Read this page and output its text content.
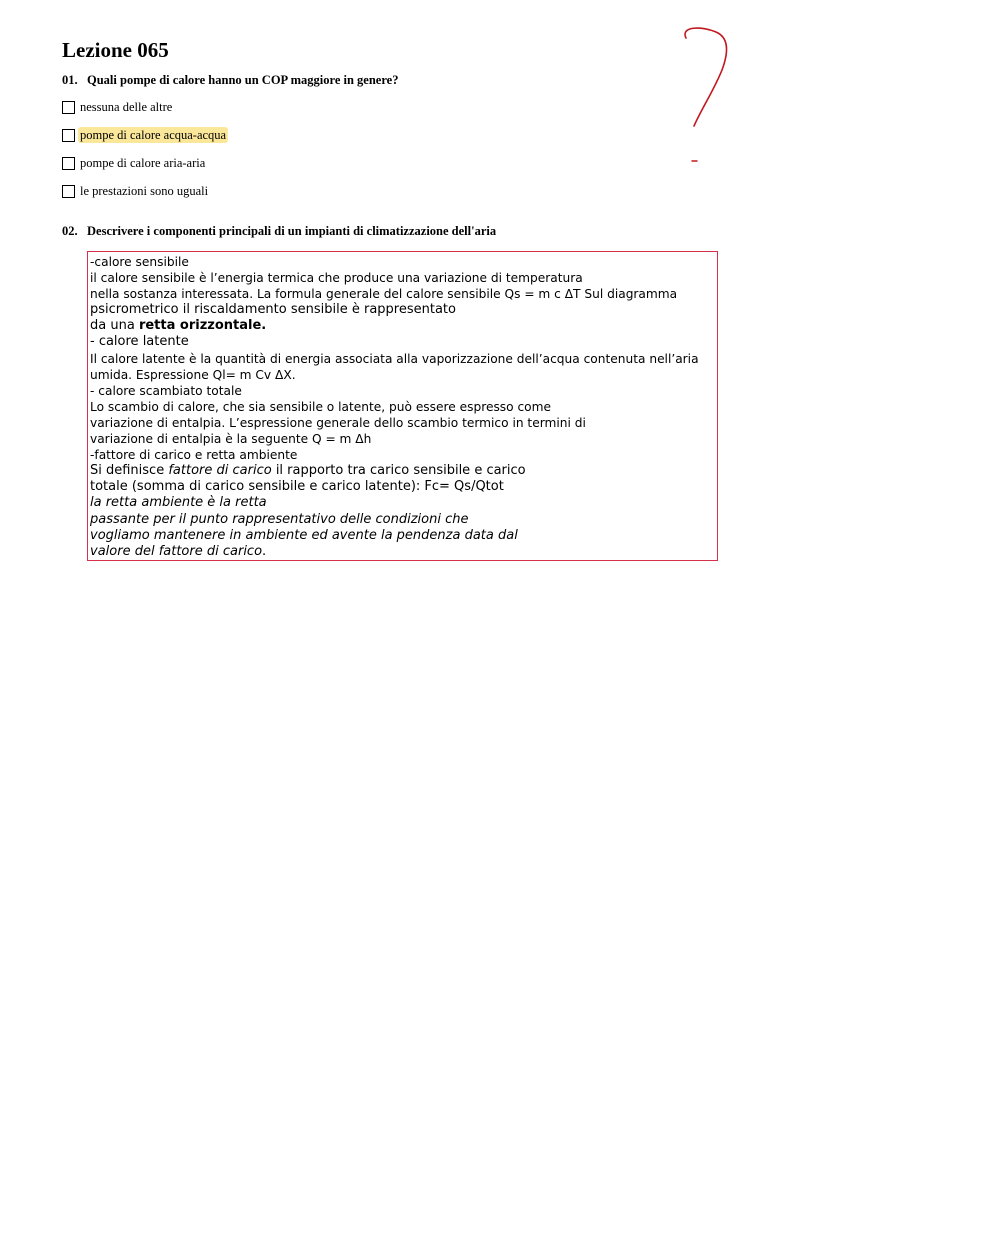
Lezione 065
01. Quali pompe di calore hanno un COP maggiore in genere?
nessuna delle altre
pompe di calore acqua-acqua
pompe di calore aria-aria
le prestazioni sono uguali
02. Descrivere i componenti principali di un impianti di climatizzazione dell'aria
-calore sensibile
il calore sensibile è l’energia termica che produce una variazione di temperatura
nella sostanza interessata. La formula generale del calore sensibile Qs = m c ΔT Sul diagramma
psicrometrico il riscaldamento sensibile è rappresentato
da una retta orizzontale.
- calore latente
Il calore latente è la quantità di energia associata alla vaporizzazione dell’acqua contenuta nell’aria
umida. Espressione Ql= m Cv ΔX.
- calore scambiato totale
Lo scambio di calore, che sia sensibile o latente, può essere espresso come
variazione di entalpia. L’espressione generale dello scambio termico in termini di
variazione di entalpia è la seguente Q = m Δh
-fattore di carico e retta ambiente
Si definisce fattore di carico il rapporto tra carico sensibile e carico
totale (somma di carico sensibile e carico latente): Fc= Qs/Qtot
la retta ambiente è la retta
passante per il punto rappresentativo delle condizioni che
vogliamo mantenere in ambiente ed avente la pendenza data dal
valore del fattore di carico.
